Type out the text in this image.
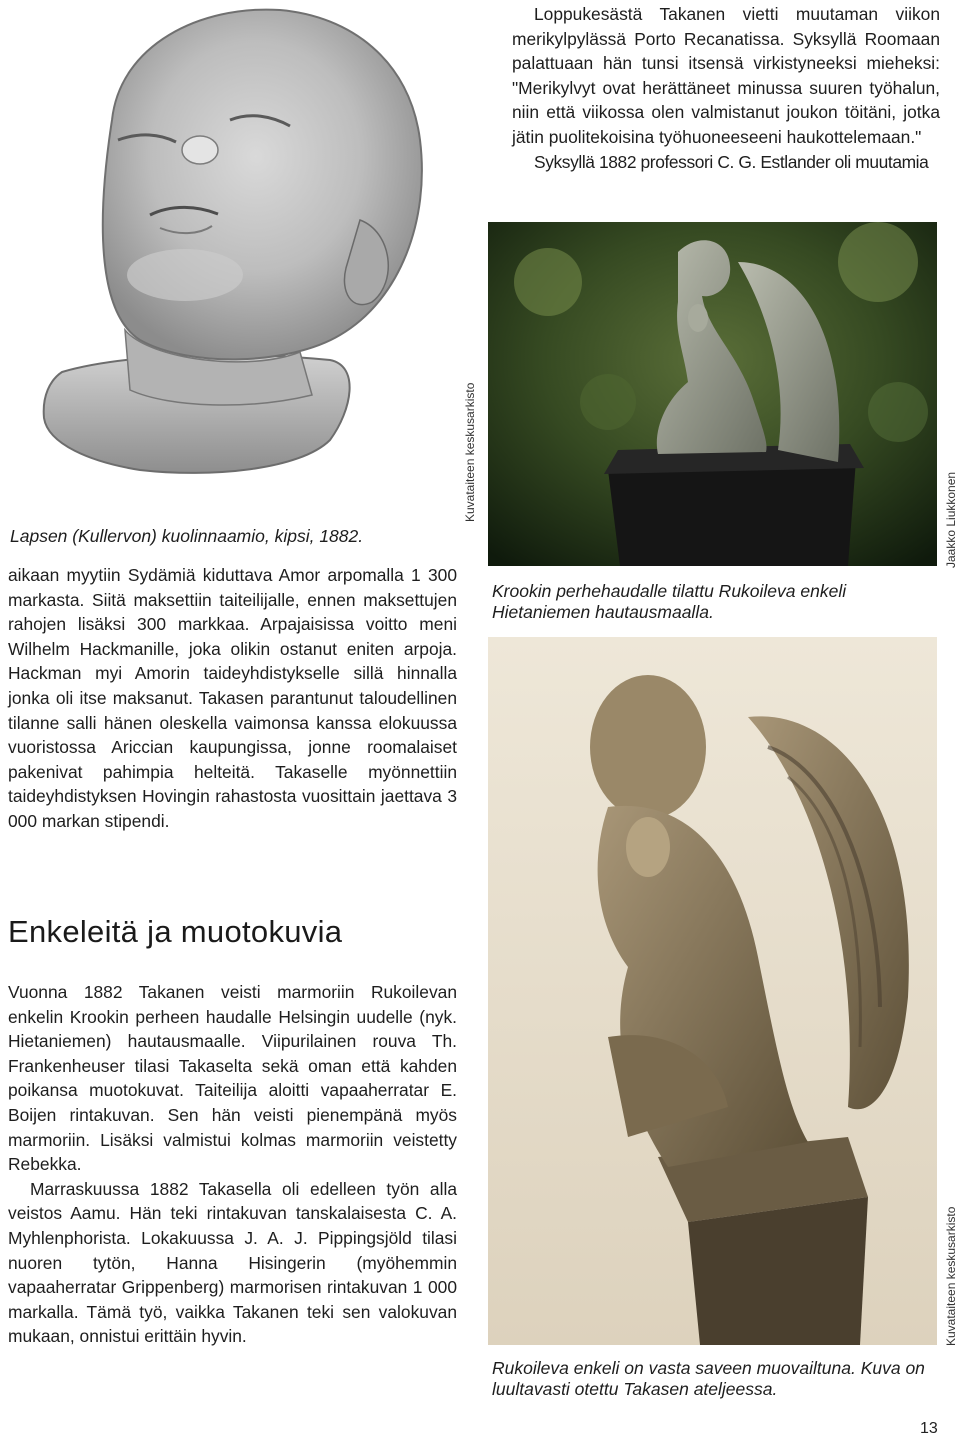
Lapsen (Kullervon) kuolinnaamio, kipsi, 1882.
Kuvataiteen keskusarkisto

Loppukesästä Takanen vietti muutaman viikon merikylpylässä Porto Recanatissa. Syksyllä Roomaan palattuaan hän tunsi itsensä virkistyneeksi mieheksi: "Merikylvyt ovat herättäneet minussa suuren työhalun, niin että viikossa olen valmistanut joukon töitäni, jotka jätin puolitekoisina työhuoneeseeni haukottelemaan."

Syksyllä 1882 professori C. G. Estlander oli muutamia

Jaakko Liukkonen
Krookin perhehaudalle tilattu Rukoileva enkeli Hietaniemen hautausmaalla.
aikaan myytiin Sydämiä kiduttava Amor arpomalla 1 300 markasta. Siitä maksettiin taiteilijalle, ennen maksettujen rahojen lisäksi 300 markkaa. Arpajaisissa voitto meni Wilhelm Hackmanille, joka olikin ostanut eniten arpoja. Hackman myi Amorin taideyhdistykselle sillä hinnalla jonka oli itse maksanut. Takasen parantunut taloudellinen tilanne salli hänen oleskella vaimonsa kanssa elokuussa vuoristossa Ariccian kaupungissa, jonne roomalaiset pakenivat pahimpia helteitä. Takaselle myönnettiin taideyhdistyksen Hovingin rahastosta vuosittain jaettava 3 000 markan stipendi.
Enkeleitä ja muotokuvia

Vuonna 1882 Takanen veisti marmoriin Rukoilevan enkelin Krookin perheen haudalle Helsingin uudelle (nyk. Hietaniemen) hautausmaalle. Viipurilainen rouva Th. Frankenheuser tilasi Takaselta sekä oman että kahden poikansa muotokuvat. Taiteilija aloitti vapaaherratar E. Boijen rintakuvan. Sen hän veisti pienempänä myös marmoriin. Lisäksi valmistui kolmas marmoriin veistetty Rebekka.

Marraskuussa 1882 Takasella oli edelleen työn alla veistos Aamu. Hän teki rintakuvan tanskalaisesta C. A. Myhlenphorista. Lokakuussa J. A. J. Pippingsjöld tilasi nuoren tytön, Hanna Hisingerin (myöhemmin vapaaherratar Grippenberg) marmorisen rintakuvan 1 000 markalla. Tämä työ, vaikka Takanen teki sen valokuvan mukaan, onnistui erittäin hyvin.	Kuvataiteen keskusarkisto
Rukoileva enkeli on vasta saveen muovailtuna. Kuva on luultavasti otettu Takasen ateljeessa.
13
